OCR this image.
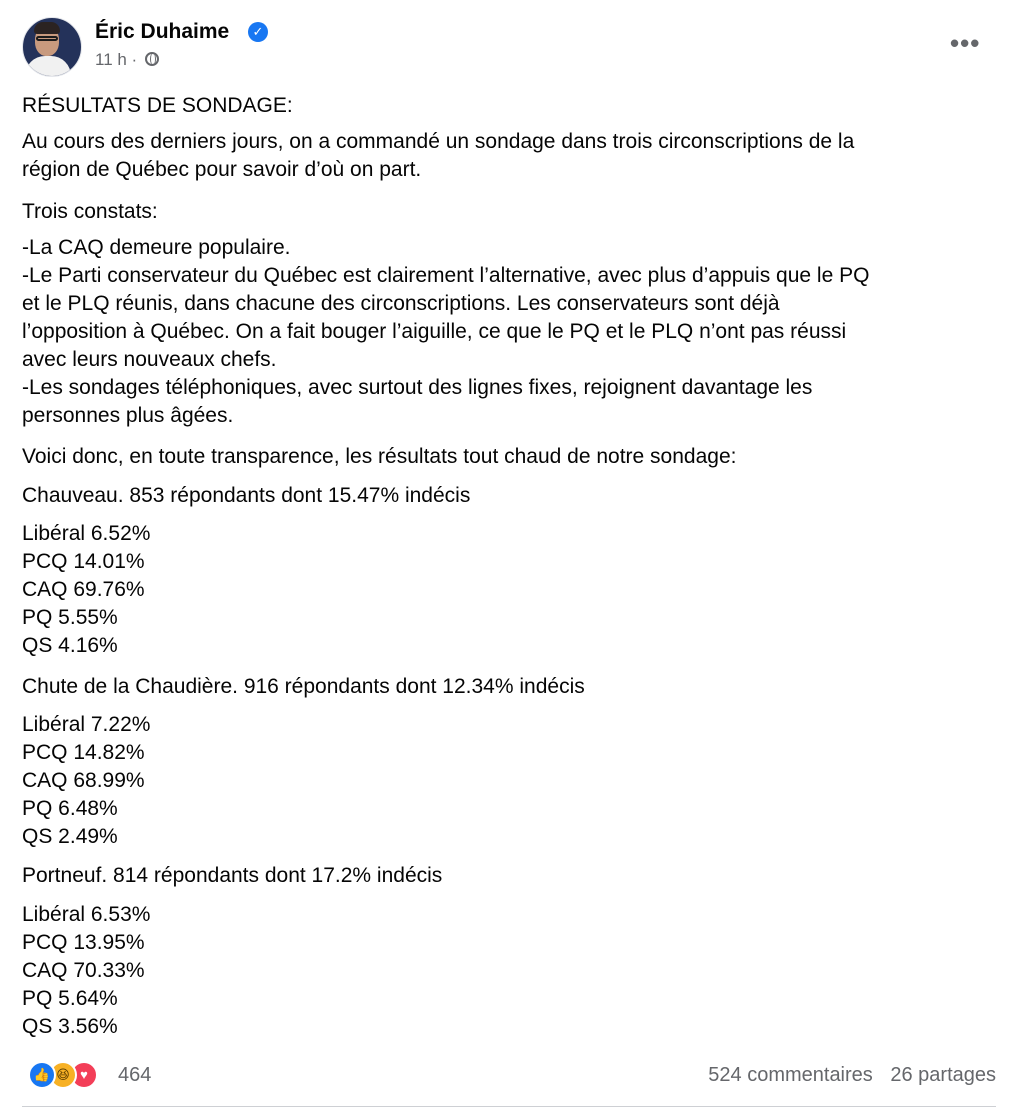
Éric Duhaime	✓
11 h ·
•••
RÉSULTATS DE SONDAGE:
Au cours des derniers jours, on a commandé un sondage dans trois circonscriptions de la
région de Québec pour savoir d’où on part.
Trois constats:
-La CAQ demeure populaire.
-Le Parti conservateur du Québec est clairement l’alternative, avec plus d’appuis que le PQ
et le PLQ réunis, dans chacune des circonscriptions. Les conservateurs sont déjà
l’opposition à Québec. On a fait bouger l’aiguille, ce que le PQ et le PLQ n’ont pas réussi
avec leurs nouveaux chefs.
-Les sondages téléphoniques, avec surtout des lignes fixes, rejoignent davantage les
personnes plus âgées.
Voici donc, en toute transparence, les résultats tout chaud de notre sondage:
Chauveau. 853 répondants dont 15.47% indécis
Libéral 6.52%
PCQ 14.01%
CAQ 69.76%
PQ 5.55%
QS 4.16%
Chute de la Chaudière. 916 répondants dont 12.34% indécis
Libéral 7.22%
PCQ 14.82%
CAQ 68.99%
PQ 6.48%
QS 2.49%
Portneuf. 814 répondants dont 17.2% indécis
Libéral 6.53%
PCQ 13.95%
CAQ 70.33%
PQ 5.64%
QS 3.56%
👍 😆 ♥	464	524 commentaires 26 partages
